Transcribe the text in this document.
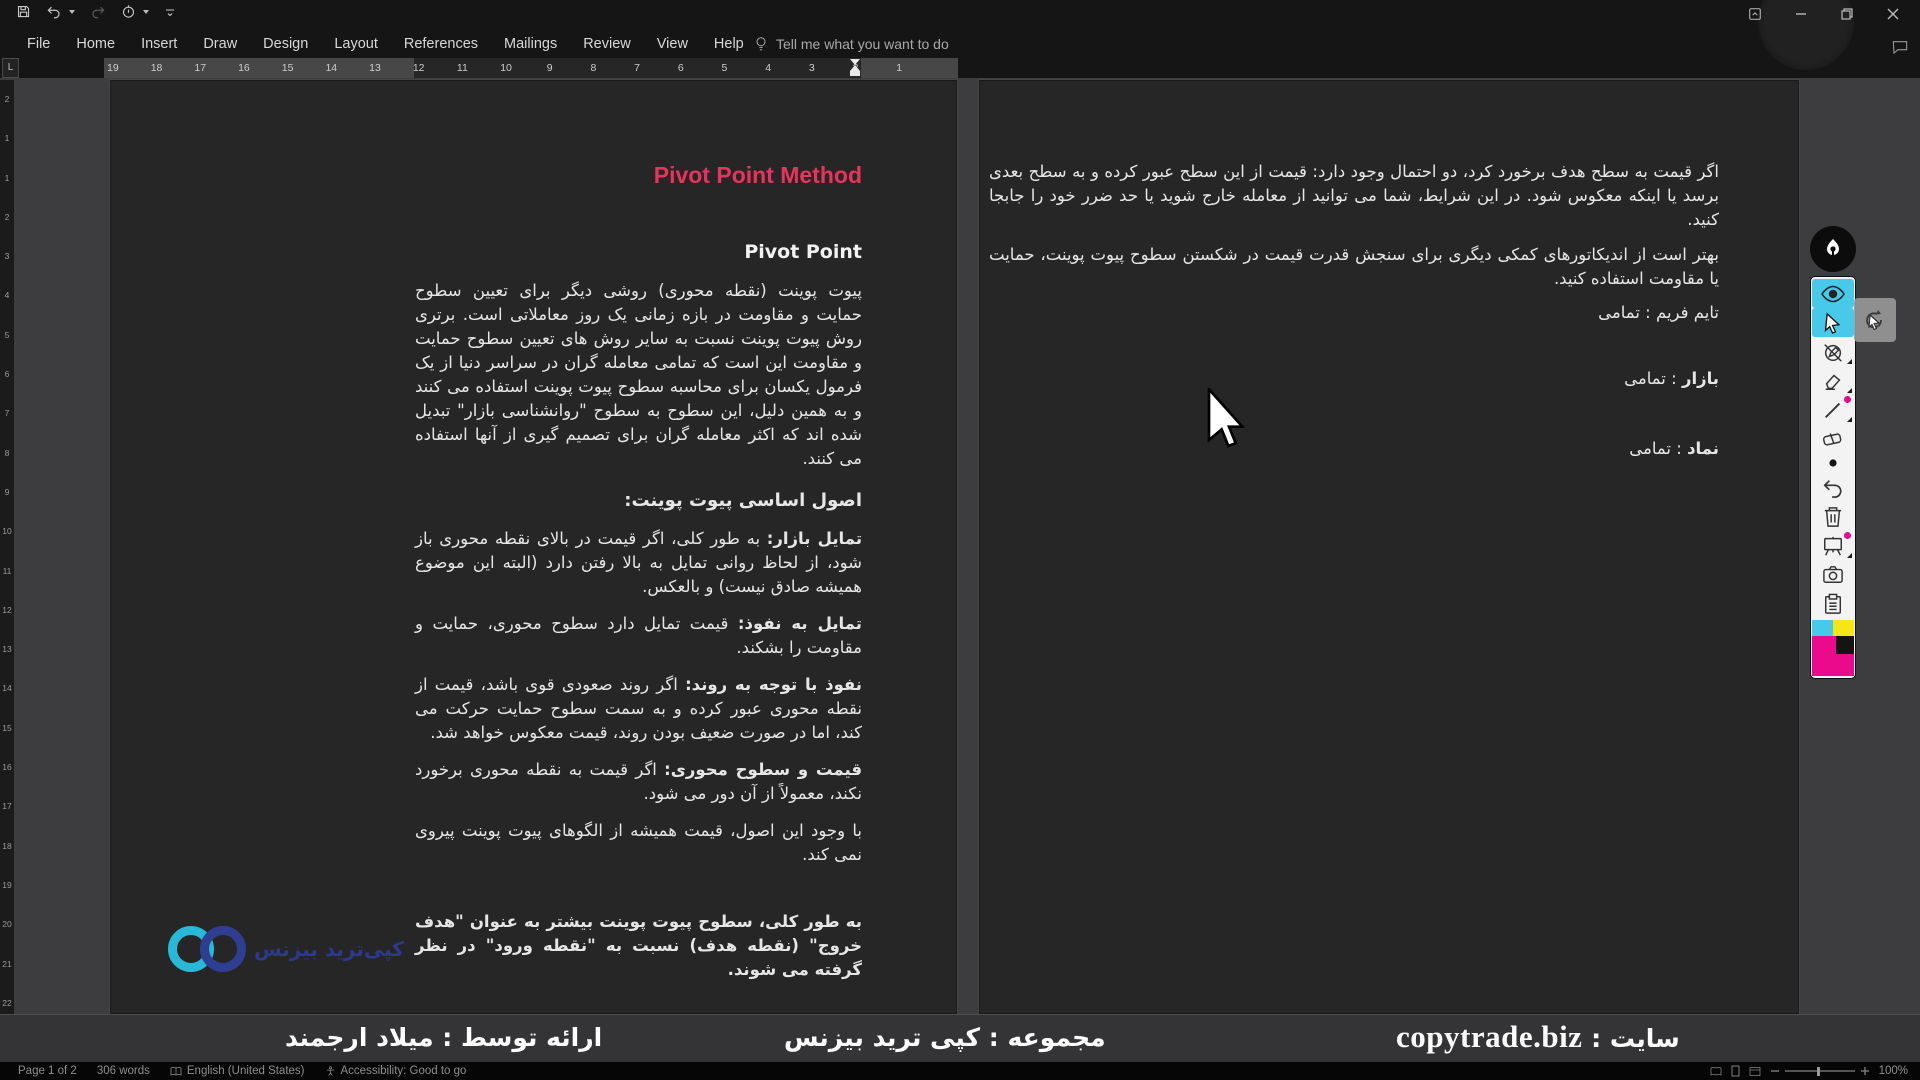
File	Home	Insert	Draw	Design	Layout	References	Mailings	Review	View	Help	Tell me what you want to do
L	19	18	17	16	15	14	13	12	11	10	9	8	7	6	5	4	3	1
2
1
1
2
3
4
5
6
7
8
9
10
11
12
13
14
15
16
17
18
19
20
21
22
Pivot Point Method
Pivot Point

پیوت پوینت (نقطه محوری) روشی دیگر برای تعیین سطوح حمایت و مقاومت در بازه زمانی یک روز معاملاتی است. برتری روش پیوت پوینت نسبت به سایر روش های تعیین سطوح حمایت و مقاومت این است که تمامی معامله گران در سراسر دنیا از یک فرمول یکسان برای محاسبه سطوح پیوت پوینت استفاده می کنند و به همین دلیل، این سطوح به سطوح "روانشناسی بازار" تبدیل شده اند که اکثر معامله گران برای تصمیم گیری از آنها استفاده می کنند.

اصول اساسی پیوت پوینت:

تمایل بازار: به طور کلی، اگر قیمت در بالای نقطه محوری باز شود، از لحاظ روانی تمایل به بالا رفتن دارد (البته این موضوع همیشه صادق نیست) و بالعکس.

تمایل به نفوذ: قیمت تمایل دارد سطوح محوری، حمایت و مقاومت را بشکند.

نفوذ با توجه به روند: اگر روند صعودی قوی باشد، قیمت از نقطه محوری عبور کرده و به سمت سطوح حمایت حرکت می کند، اما در صورت ضعیف بودن روند، قیمت معکوس خواهد شد.

قیمت و سطوح محوری: اگر قیمت به نقطه محوری برخورد نکند، معمولاً از آن دور می شود.

با وجود این اصول، قیمت همیشه از الگوهای پیوت پوینت پیروی نمی کند.

به طور کلی، سطوح پیوت پوینت بیشتر به عنوان "هدف خروج" (نقطه هدف) نسبت به "نقطه ورود" در نظر گرفته می شوند.

اگر قیمت به سطح هدف برخورد کرد، دو احتمال وجود دارد: قیمت از این سطح عبور کرده و به سطح بعدی برسد یا اینکه معکوس شود. در این شرایط، شما می توانید از معامله خارج شوید یا حد ضرر خود را جابجا کنید.

بهتر است از اندیکاتورهای کمکی دیگری برای سنجش قدرت قیمت در شکستن سطوح پیوت پوینت، حمایت یا مقاومت استفاده کنید.

تایم فریم : تمامی
بازار : تمامی
نماد : تمامی
ارائه توسط : میلاد ارجمند	مجموعه : کپی ترید بیزنس	سایت : copytrade.biz
کپی‌ترید بیزنس
Page 1 of 2 306 words	English (United States)	Accessibility: Good to go	100%
